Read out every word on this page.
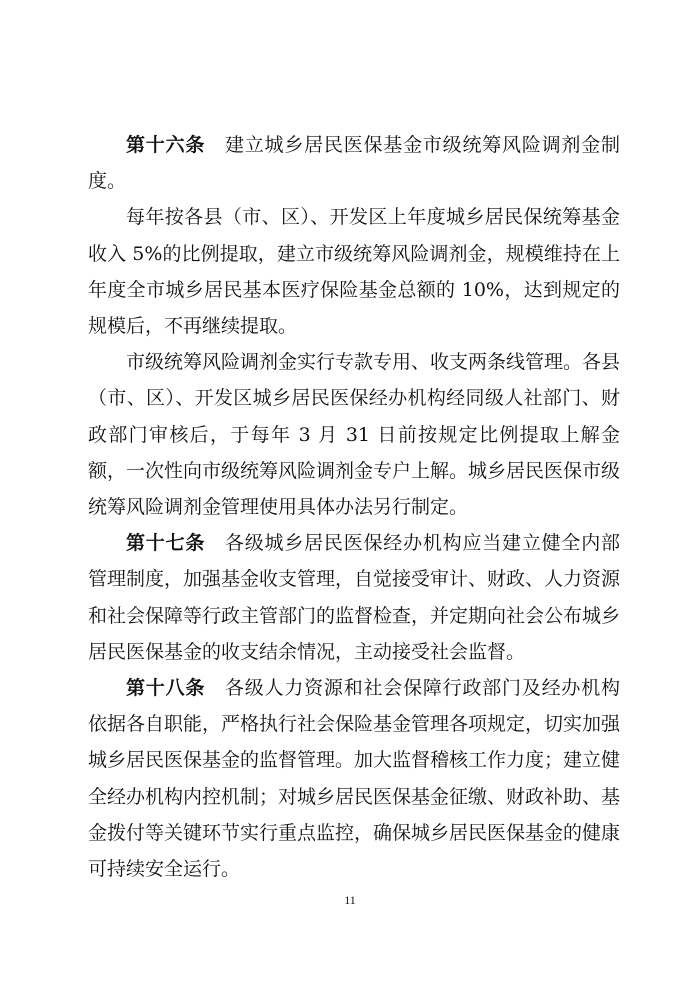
第十六条　建立城乡居民医保基金市级统筹风险调剂金制度。

每年按各县（市、区）、开发区上年度城乡居民保统筹基金收入 5%的比例提取，建立市级统筹风险调剂金，规模维持在上年度全市城乡居民基本医疗保险基金总额的 10%，达到规定的规模后，不再继续提取。

市级统筹风险调剂金实行专款专用、收支两条线管理。各县（市、区）、开发区城乡居民医保经办机构经同级人社部门、财政部门审核后，于每年 3 月 31 日前按规定比例提取上解金额，一次性向市级统筹风险调剂金专户上解。城乡居民医保市级统筹风险调剂金管理使用具体办法另行制定。

第十七条　各级城乡居民医保经办机构应当建立健全内部管理制度，加强基金收支管理，自觉接受审计、财政、人力资源和社会保障等行政主管部门的监督检查，并定期向社会公布城乡居民医保基金的收支结余情况，主动接受社会监督。

第十八条　各级人力资源和社会保障行政部门及经办机构依据各自职能，严格执行社会保险基金管理各项规定，切实加强城乡居民医保基金的监督管理。加大监督稽核工作力度；建立健全经办机构内控机制；对城乡居民医保基金征缴、财政补助、基金拨付等关键环节实行重点监控，确保城乡居民医保基金的健康可持续安全运行。

11
